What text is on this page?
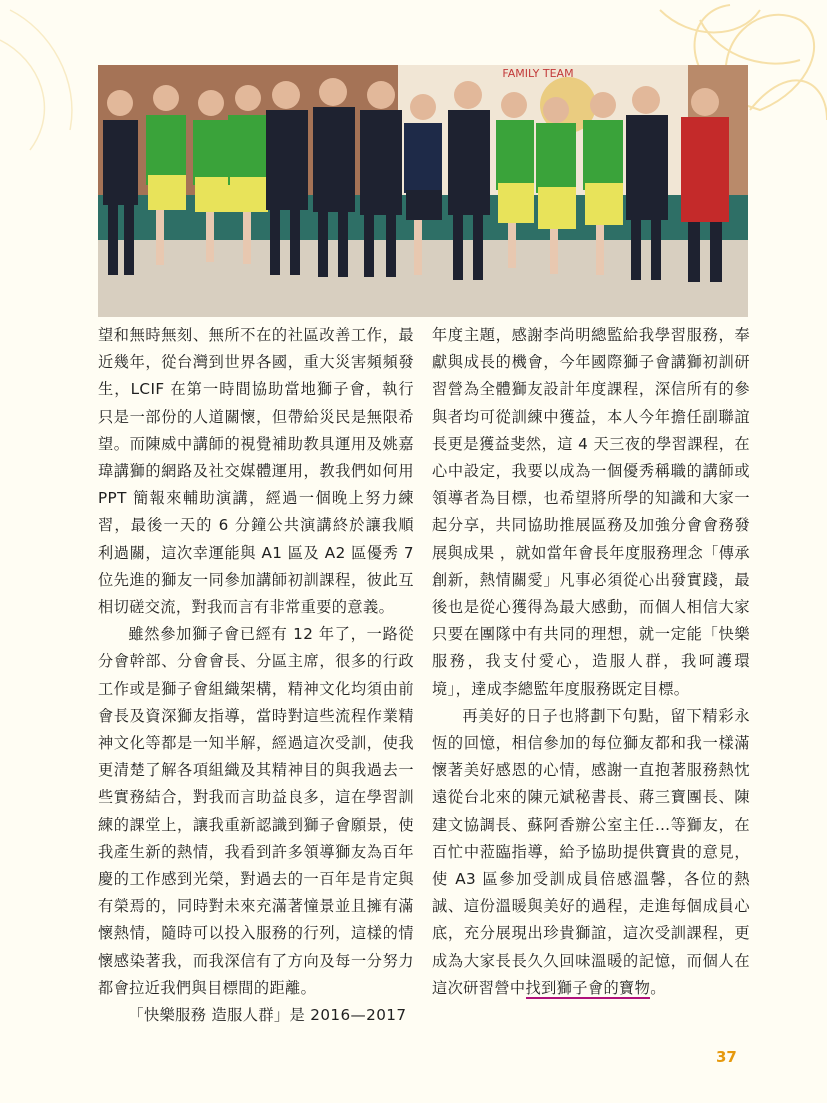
FAMILY TEAM

望和無時無刻、無所不在的社區改善工作，最近幾年，從台灣到世界各國，重大災害頻頻發生，LCIF 在第一時間協助當地獅子會，執行只是一部份的人道關懷，但帶給災民是無限希望。而陳威中講師的視覺補助教具運用及姚嘉瑋講獅的網路及社交媒體運用，教我們如何用 PPT 簡報來輔助演講，經過一個晚上努力練習，最後一天的 6 分鐘公共演講終於讓我順利過關，這次幸運能與 A1 區及 A2 區優秀 7 位先進的獅友一同參加講師初訓課程，彼此互相切磋交流，對我而言有非常重要的意義。

雖然參加獅子會已經有 12 年了，一路從分會幹部、分會會長、分區主席，很多的行政工作或是獅子會組織架構，精神文化均須由前會長及資深獅友指導，當時對這些流程作業精神文化等都是一知半解，經過這次受訓，使我更清楚了解各項組織及其精神目的與我過去一些實務結合，對我而言助益良多，這在學習訓練的課堂上，讓我重新認識到獅子會願景，使我產生新的熱情，我看到許多領導獅友為百年慶的工作感到光榮，對過去的一百年是肯定與有榮焉的，同時對未來充滿著憧景並且擁有滿懷熱情，隨時可以投入服務的行列，這樣的情懷感染著我，而我深信有了方向及每一分努力都會拉近我們與目標間的距離。

「快樂服務 造服人群」是 2016—2017

年度主題，感謝李尚明總監給我學習服務，奉獻與成長的機會，今年國際獅子會講獅初訓研習營為全體獅友設計年度課程，深信所有的參與者均可從訓練中獲益，本人今年擔任副聯誼長更是獲益斐然，這 4 天三夜的學習課程，在心中設定，我要以成為一個優秀稱職的講師或領導者為目標，也希望將所學的知識和大家一起分享，共同協助推展區務及加強分會會務發展與成果 ，就如當年會長年度服務理念「傳承創新，熱情關愛」凡事必須從心出發實踐，最後也是從心獲得為最大感動，而個人相信大家只要在團隊中有共同的理想，就一定能「快樂服務，我支付愛心，造服人群，我呵護環境」，達成李總監年度服務既定目標。

再美好的日子也將劃下句點，留下精彩永恆的回憶，相信參加的每位獅友都和我一樣滿懷著美好感恩的心情，感謝一直抱著服務熱忱遠從台北來的陳元斌秘書長、蔣三寶團長、陳建文協調長、蘇阿香辦公室主任…等獅友，在百忙中蒞臨指導，給予協助提供寶貴的意見，使 A3 區參加受訓成員倍感溫馨，各位的熱誠、這份溫暖與美好的過程，走進每個成員心底，充分展現出珍貴獅誼，這次受訓課程，更成為大家長長久久回味溫暖的記憶，而個人在這次研習營中找到獅子會的寶物。

37
